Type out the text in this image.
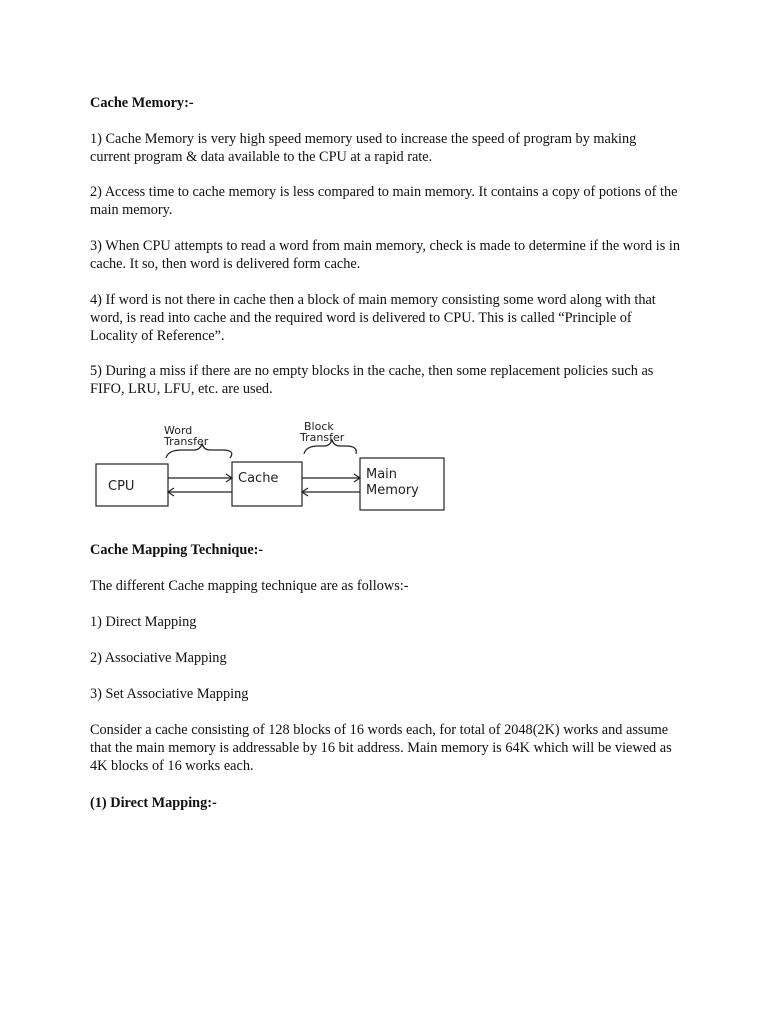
Cache Memory:-

1) Cache Memory is very high speed memory used to increase the speed of program by making current program & data available to the CPU at a rapid rate.

2) Access time to cache memory is less compared to main memory. It contains a copy of potions of the main memory.

3) When CPU attempts to read a word from main memory, check is made to determine if the word is in cache. It so, then word is delivered form cache.

4) If word is not there in cache then a block of main memory consisting some word along with that word, is read into cache and the required word is delivered to CPU. This is called “Principle of Locality of Reference”.

5) During a miss if there are no empty blocks in the cache, then some replacement policies such as FIFO, LRU, LFU, etc. are used.

Cache Mapping Technique:-

The different Cache mapping technique are as follows:-

1) Direct Mapping

2) Associative Mapping

3) Set Associative Mapping

Consider a cache consisting of 128 blocks of 16 words each, for total of 2048(2K) works and assume that the main memory is addressable by 16 bit address. Main memory is 64K which will be viewed as 4K blocks of 16 works each.

(1) Direct Mapping:-

Word
Transfer
Block
Transfer
CPU
Cache	Main
Memory
